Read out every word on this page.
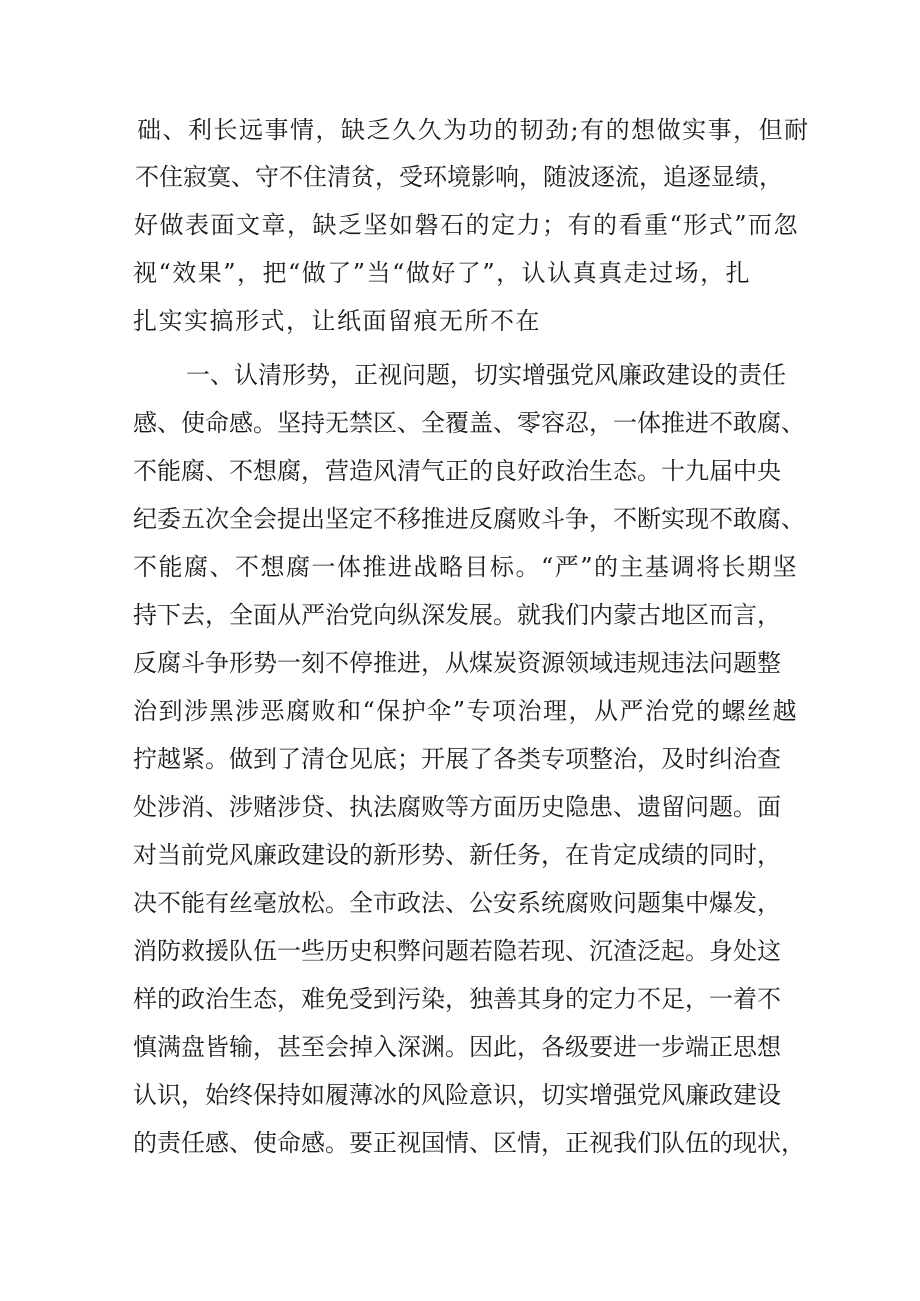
础、利长远事情，缺乏久久为功的韧劲;有的想做实事，但耐
不住寂寞、守不住清贫，受环境影响，随波逐流，追逐显绩，
好做表面文章，缺乏坚如磐石的定力；有的看重“形式”而忽
视“效果”，把“做了”当“做好了”，认认真真走过场，扎
扎实实搞形式，让纸面留痕无所不在
一、认清形势，正视问题，切实增强党风廉政建设的责任
感、使命感。坚持无禁区、全覆盖、零容忍，一体推进不敢腐、
不能腐、不想腐，营造风清气正的良好政治生态。十九届中央
纪委五次全会提出坚定不移推进反腐败斗争，不断实现不敢腐、
不能腐、不想腐一体推进战略目标。“严”的主基调将长期坚
持下去，全面从严治党向纵深发展。就我们内蒙古地区而言，
反腐斗争形势一刻不停推进，从煤炭资源领域违规违法问题整
治到涉黑涉恶腐败和“保护伞”专项治理，从严治党的螺丝越
拧越紧。做到了清仓见底；开展了各类专项整治，及时纠治查
处涉消、涉赌涉贷、执法腐败等方面历史隐患、遗留问题。面
对当前党风廉政建设的新形势、新任务，在肯定成绩的同时，
决不能有丝毫放松。全市政法、公安系统腐败问题集中爆发，
消防救援队伍一些历史积弊问题若隐若现、沉渣泛起。身处这
样的政治生态，难免受到污染，独善其身的定力不足，一着不
慎满盘皆输，甚至会掉入深渊。因此，各级要进一步端正思想
认识，始终保持如履薄冰的风险意识，切实增强党风廉政建设
的责任感、使命感。要正视国情、区情，正视我们队伍的现状，
